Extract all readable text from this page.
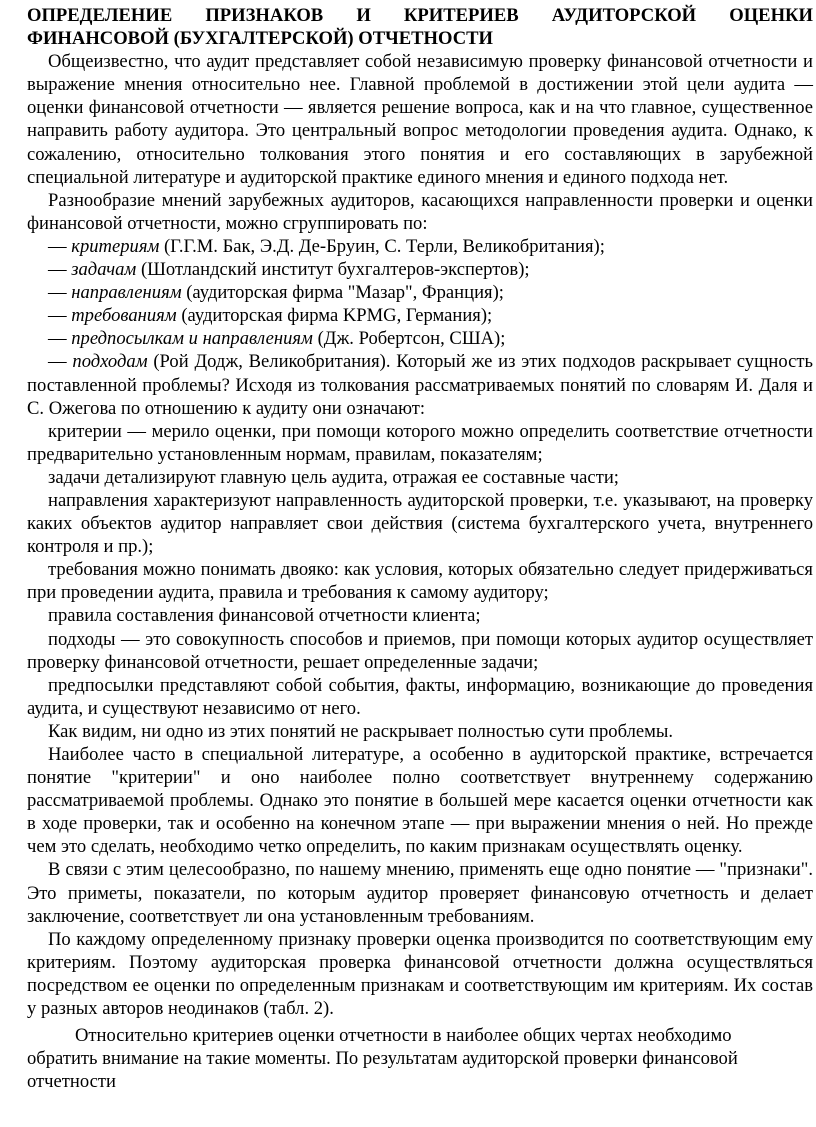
ОПРЕДЕЛЕНИЕ ПРИЗНАКОВ И КРИТЕРИЕВ АУДИТОРСКОЙ ОЦЕНКИ ФИНАНСОВОЙ (БУХГАЛТЕРСКОЙ) ОТЧЕТНОСТИ

Общеизвестно, что аудит представляет собой независимую проверку финансовой отчетности и выражение мнения относительно нее. Главной проблемой в достижении этой цели аудита — оценки финансовой отчетности — является решение вопроса, как и на что главное, существенное направить работу аудитора. Это центральный вопрос методологии проведения аудита. Однако, к сожалению, относительно толкования этого понятия и его составляющих в зарубежной специальной литературе и аудиторской практике единого мнения и единого подхода нет.

Разнообразие мнений зарубежных аудиторов, касающихся направленности проверки и оценки финансовой отчетности, можно сгруппировать по:

— критериям (Г.Г.М. Бак, Э.Д. Де-Бруин, С. Терли, Великобритания);

— задачам (Шотландский институт бухгалтеров-экспертов);

— направлениям (аудиторская фирма "Мазар", Франция);

— требованиям (аудиторская фирма KPMG, Германия);

— предпосылкам и направлениям (Дж. Робертсон, США);

— подходам (Рой Додж, Великобритания). Который же из этих подходов раскрывает сущность поставленной проблемы? Исходя из толкования рассматриваемых понятий по словарям И. Даля и С. Ожегова по отношению к аудиту они означают:

критерии — мерило оценки, при помощи которого можно определить соответствие отчетности предварительно установленным нормам, правилам, показателям;

задачи детализируют главную цель аудита, отражая ее составные части;

направления характеризуют направленность аудиторской проверки, т.е. указывают, на проверку каких объектов аудитор направляет свои действия (система бухгалтерского учета, внутреннего контроля и пр.);

требования можно понимать двояко: как условия, которых обязательно следует придерживаться при проведении аудита, правила и требования к самому аудитору;

правила составления финансовой отчетности клиента;

подходы — это совокупность способов и приемов, при помощи которых аудитор осуществляет проверку финансовой отчетности, решает определенные задачи;

предпосылки представляют собой события, факты, информацию, возникающие до проведения аудита, и существуют независимо от него.

Как видим, ни одно из этих понятий не раскрывает полностью сути проблемы.

Наиболее часто в специальной литературе, а особенно в аудиторской практике, встречается понятие "критерии" и оно наиболее полно соответствует внутреннему содержанию рассматриваемой проблемы. Однако это понятие в большей мере касается оценки отчетности как в ходе проверки, так и особенно на конечном этапе — при выражении мнения о ней. Но прежде чем это сделать, необходимо четко определить, по каким признакам осуществлять оценку.

В связи с этим целесообразно, по нашему мнению, применять еще одно понятие — "признаки". Это приметы, показатели, по которым аудитор проверяет финансовую отчетность и делает заключение, соответствует ли она установленным требованиям.

По каждому определенному признаку проверки оценка производится по соответствующим ему критериям. Поэтому аудиторская проверка финансовой отчетности должна осуществляться посредством ее оценки по определенным признакам и соответствующим им критериям. Их состав у разных авторов неодинаков (табл. 2).

Относительно критериев оценки отчетности в наиболее общих чертах необходимо

обратить внимание на такие моменты. По результатам аудиторской проверки финансовой

отчетности
